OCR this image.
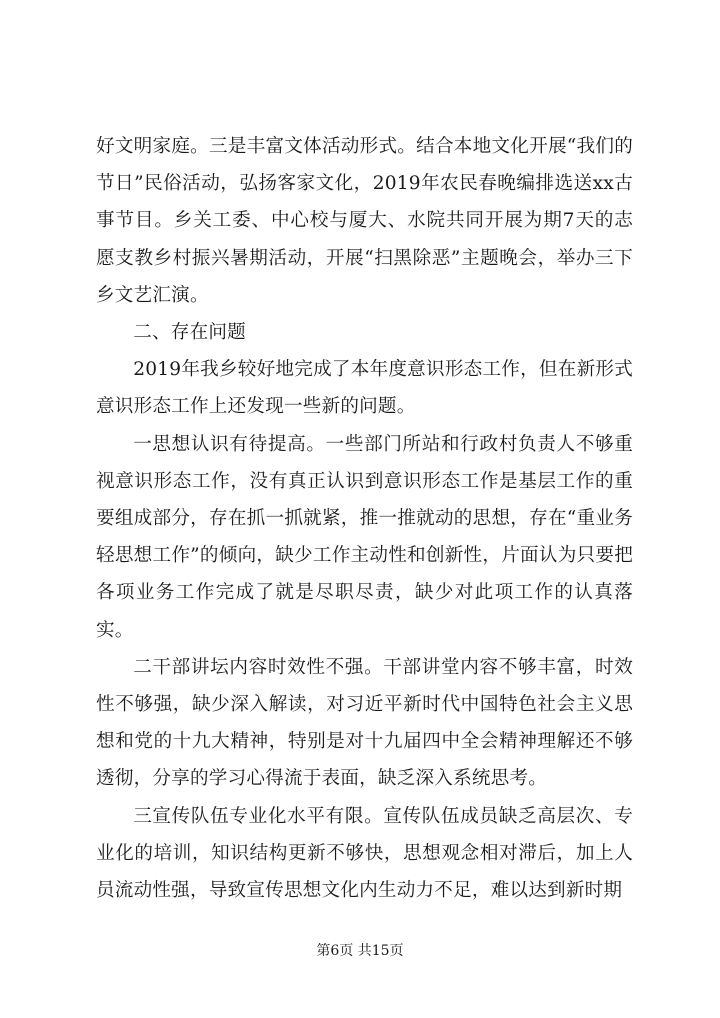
好文明家庭。三是丰富文体活动形式。结合本地文化开展“我们的节日”民俗活动，弘扬客家文化，2019年农民春晚编排选送xx古事节目。乡关工委、中心校与厦大、水院共同开展为期7天的志愿支教乡村振兴暑期活动，开展“扫黑除恶”主题晚会，举办三下乡文艺汇演。

二、存在问题

2019年我乡较好地完成了本年度意识形态工作，但在新形式意识形态工作上还发现一些新的问题。

一思想认识有待提高。一些部门所站和行政村负责人不够重视意识形态工作，没有真正认识到意识形态工作是基层工作的重要组成部分，存在抓一抓就紧，推一推就动的思想，存在“重业务轻思想工作”的倾向，缺少工作主动性和创新性，片面认为只要把各项业务工作完成了就是尽职尽责，缺少对此项工作的认真落实。

二干部讲坛内容时效性不强。干部讲堂内容不够丰富，时效性不够强，缺少深入解读，对习近平新时代中国特色社会主义思想和党的十九大精神，特别是对十九届四中全会精神理解还不够透彻，分享的学习心得流于表面，缺乏深入系统思考。

三宣传队伍专业化水平有限。宣传队伍成员缺乏高层次、专业化的培训，知识结构更新不够快，思想观念相对滞后，加上人员流动性强，导致宣传思想文化内生动力不足，难以达到新时期

第6页 共15页
